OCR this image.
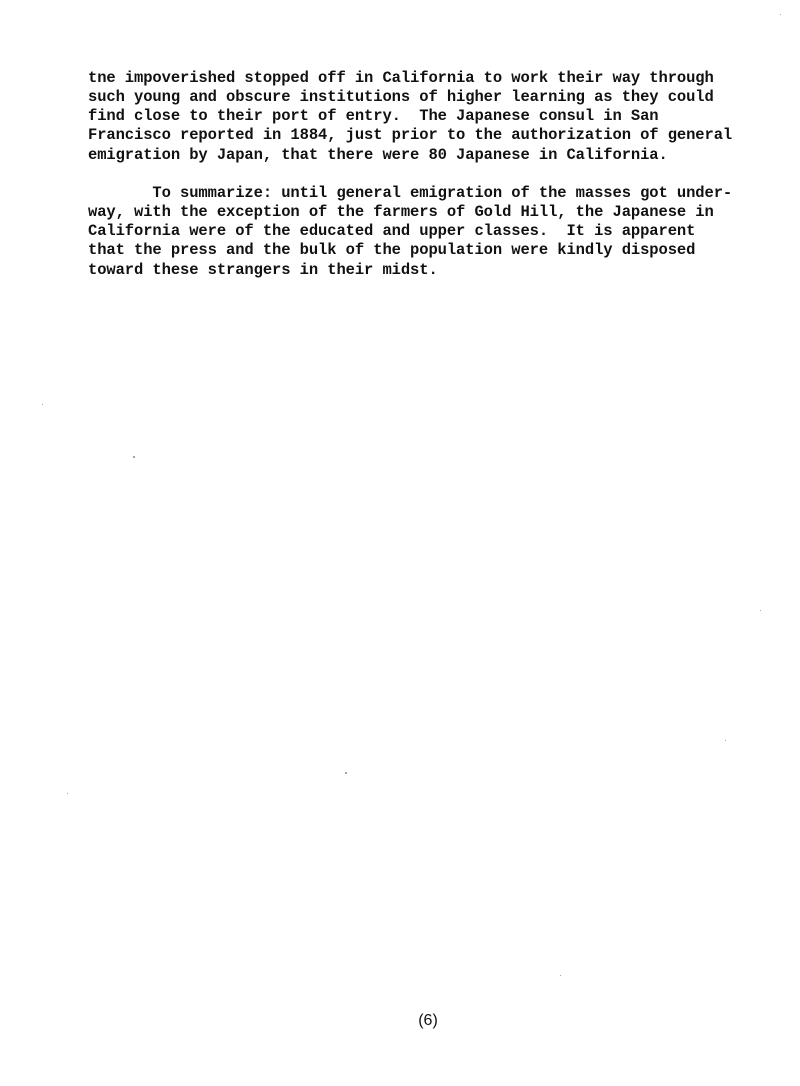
tne impoverished stopped off in California to work their way through
such young and obscure institutions of higher learning as they could
find close to their port of entry.  The Japanese consul in San
Francisco reported in 1884, just prior to the authorization of general
emigration by Japan, that there were 80 Japanese in California.
To summarize: until general emigration of the masses got under-
way, with the exception of the farmers of Gold Hill, the Japanese in
California were of the educated and upper classes.  It is apparent
that the press and the bulk of the population were kindly disposed
toward these strangers in their midst.
(6)
